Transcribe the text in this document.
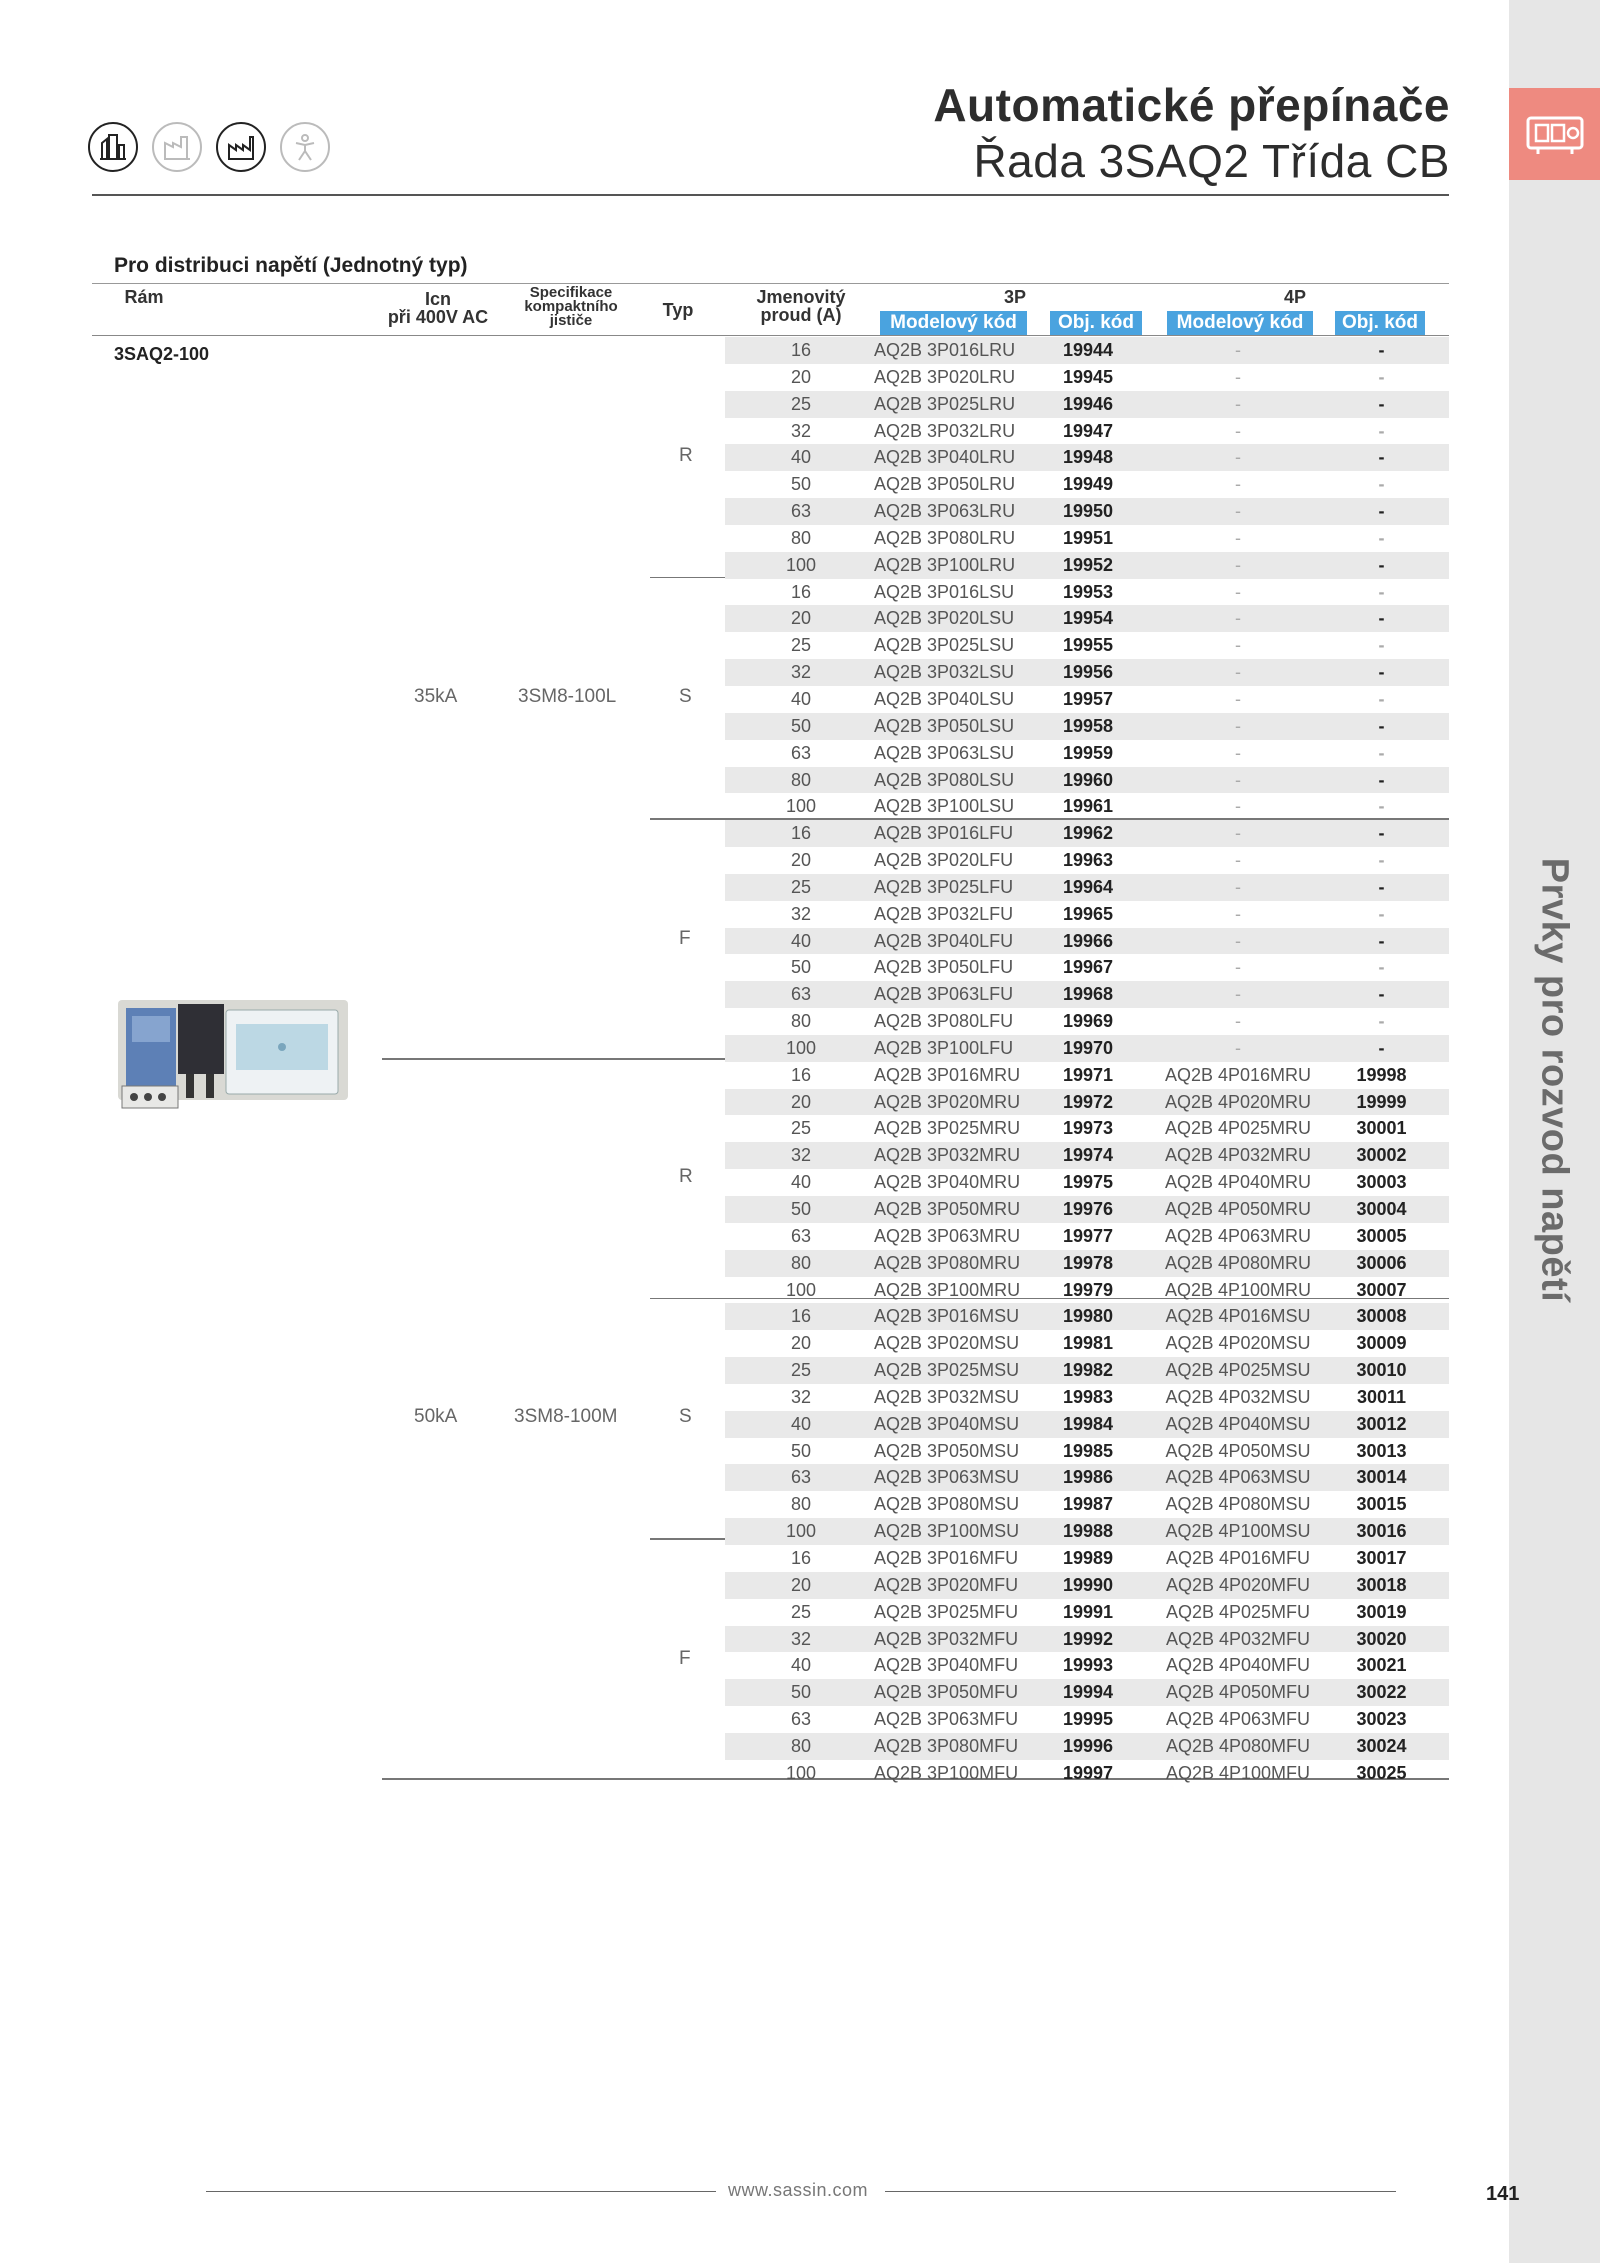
Prvky pro rozvod napětí
Automatické přepínače
Řada 3SAQ2 Třída CB
Pro distribuci napětí (Jednotný typ)
Rám	Icn
při 400V AC
Specifikace
kompaktního
jističe
Typ
Jmenovitý
proud (A)
3P	4P
Modelový kód	Obj. kód	Modelový kód	Obj. kód
3SAQ2-100
35kA	3SM8-100L
50kA	3SM8-100M
R
S
F
R
S
F
16	AQ2B 3P016LRU	19944	-	-
20	AQ2B 3P020LRU	19945	-	-
25	AQ2B 3P025LRU	19946	-	-
32	AQ2B 3P032LRU	19947	-	-
40	AQ2B 3P040LRU	19948	-	-
50	AQ2B 3P050LRU	19949	-	-
63	AQ2B 3P063LRU	19950	-	-
80	AQ2B 3P080LRU	19951	-	-
100	AQ2B 3P100LRU	19952	-	-
16	AQ2B 3P016LSU	19953	-	-
20	AQ2B 3P020LSU	19954	-	-
25	AQ2B 3P025LSU	19955	-	-
32	AQ2B 3P032LSU	19956	-	-
40	AQ2B 3P040LSU	19957	-	-
50	AQ2B 3P050LSU	19958	-	-
63	AQ2B 3P063LSU	19959	-	-
80	AQ2B 3P080LSU	19960	-	-
100	AQ2B 3P100LSU	19961	-	-
16	AQ2B 3P016LFU	19962	-	-
20	AQ2B 3P020LFU	19963	-	-
25	AQ2B 3P025LFU	19964	-	-
32	AQ2B 3P032LFU	19965	-	-
40	AQ2B 3P040LFU	19966	-	-
50	AQ2B 3P050LFU	19967	-	-
63	AQ2B 3P063LFU	19968	-	-
80	AQ2B 3P080LFU	19969	-	-
100	AQ2B 3P100LFU	19970	-	-
16	AQ2B 3P016MRU 19971	AQ2B 4P016MRU	19998
20	AQ2B 3P020MRU 19972	AQ2B 4P020MRU	19999
25	AQ2B 3P025MRU 19973	AQ2B 4P025MRU	30001
32	AQ2B 3P032MRU 19974	AQ2B 4P032MRU	30002
40	AQ2B 3P040MRU 19975	AQ2B 4P040MRU	30003
50	AQ2B 3P050MRU 19976	AQ2B 4P050MRU	30004
63	AQ2B 3P063MRU 19977	AQ2B 4P063MRU	30005
80	AQ2B 3P080MRU 19978	AQ2B 4P080MRU	30006
100	AQ2B 3P100MRU 19979	AQ2B 4P100MRU	30007
16	AQ2B 3P016MSU 19980	AQ2B 4P016MSU	30008
20	AQ2B 3P020MSU 19981	AQ2B 4P020MSU	30009
25	AQ2B 3P025MSU 19982	AQ2B 4P025MSU	30010
32	AQ2B 3P032MSU 19983	AQ2B 4P032MSU	30011
40	AQ2B 3P040MSU 19984	AQ2B 4P040MSU	30012
50	AQ2B 3P050MSU 19985	AQ2B 4P050MSU	30013
63	AQ2B 3P063MSU 19986	AQ2B 4P063MSU	30014
80	AQ2B 3P080MSU 19987	AQ2B 4P080MSU	30015
100	AQ2B 3P100MSU 19988	AQ2B 4P100MSU	30016
16	AQ2B 3P016MFU 19989	AQ2B 4P016MFU	30017
20	AQ2B 3P020MFU 19990	AQ2B 4P020MFU	30018
25	AQ2B 3P025MFU 19991	AQ2B 4P025MFU	30019
32	AQ2B 3P032MFU 19992	AQ2B 4P032MFU	30020
40	AQ2B 3P040MFU 19993	AQ2B 4P040MFU	30021
50	AQ2B 3P050MFU 19994	AQ2B 4P050MFU	30022
63	AQ2B 3P063MFU 19995	AQ2B 4P063MFU	30023
80	AQ2B 3P080MFU 19996	AQ2B 4P080MFU	30024
100	AQ2B 3P100MFU 19997	AQ2B 4P100MFU	30025
www.sassin.com	141
